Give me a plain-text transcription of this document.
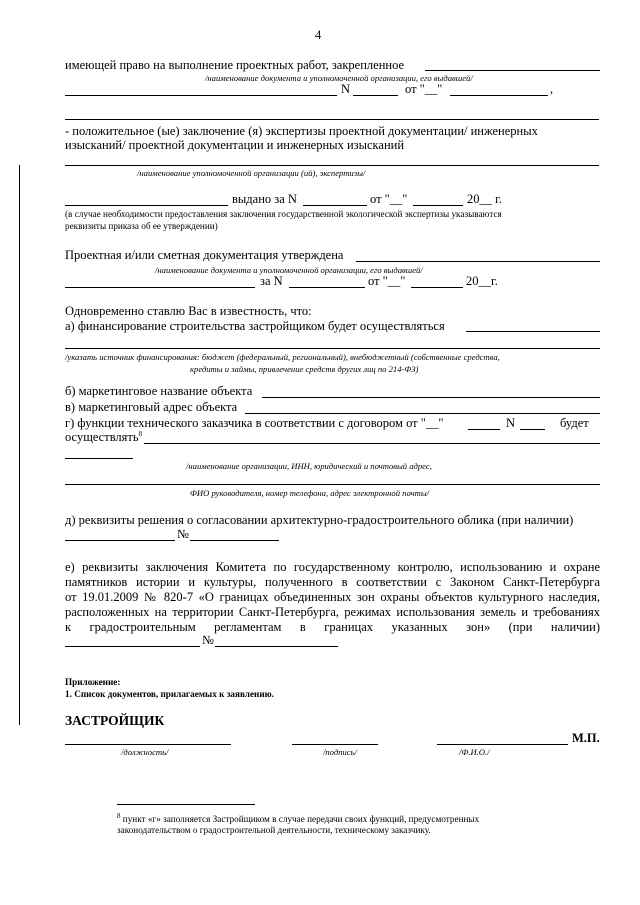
4
имеющей право на выполнение проектных работ, закрепленное
/наименование документа и уполномоченной организации, его выдавшей/
N	от "__"	,
- положительное (ые) заключение (я) экспертизы проектной документации/ инженерных
изысканий/ проектной документации и инженерных изысканий
/наименование уполномоченной организации (ий), экспертизы/
выдано за N	от "__"	20__ г.
(в случае необходимости предоставления заключения государственной экологической экспертизы указываются
реквизиты приказа об ее утверждении)
Проектная и/или сметная документация утверждена
/наименование документа и уполномоченной организации, его выдавшей/
за N	от "__"	20__г.
Одновременно ставлю Вас в известность, что:
а) финансирование строительства застройщиком будет осуществляться
/указать источник финансирования: бюджет (федеральный, региональный), внебюджетный (собственные средства,
кредиты и займы, привлечение средств других лиц по 214-ФЗ)
б) маркетинговое название объекта
в) маркетинговый адрес объекта
г) функции технического заказчика в соответствии с договором от "__"	N	будет
осуществлять$^8$
/наименование организации, ИНН, юридический и почтовый адрес,
ФИО руководителя, номер телефона, адрес электронной почты/
д) реквизиты решения о согласовании архитектурно-градостроительного облика (при наличии)
№
е) реквизиты заключения Комитета по государственному контролю, использованию и охране
памятников истории и культуры, полученного в соответствии с Законом Санкт-Петербурга
от 19.01.2009 № 820-7 «О границах объединенных зон охраны объектов культурного наследия,
расположенных на территории Санкт-Петербурга, режимах использования земель и требованиях
к градостроительным регламентам в границах указанных зон» (при наличии)
№
Приложение:
1. Список документов, прилагаемых к заявлению.
ЗАСТРОЙЩИК
М.П.
/должность/	/подпись/	/Ф.И.О./
$^8$ пункт «г» заполняется Застройщиком в случае передачи своих функций, предусмотренных
законодательством о градостроительной деятельности, техническому заказчику.
